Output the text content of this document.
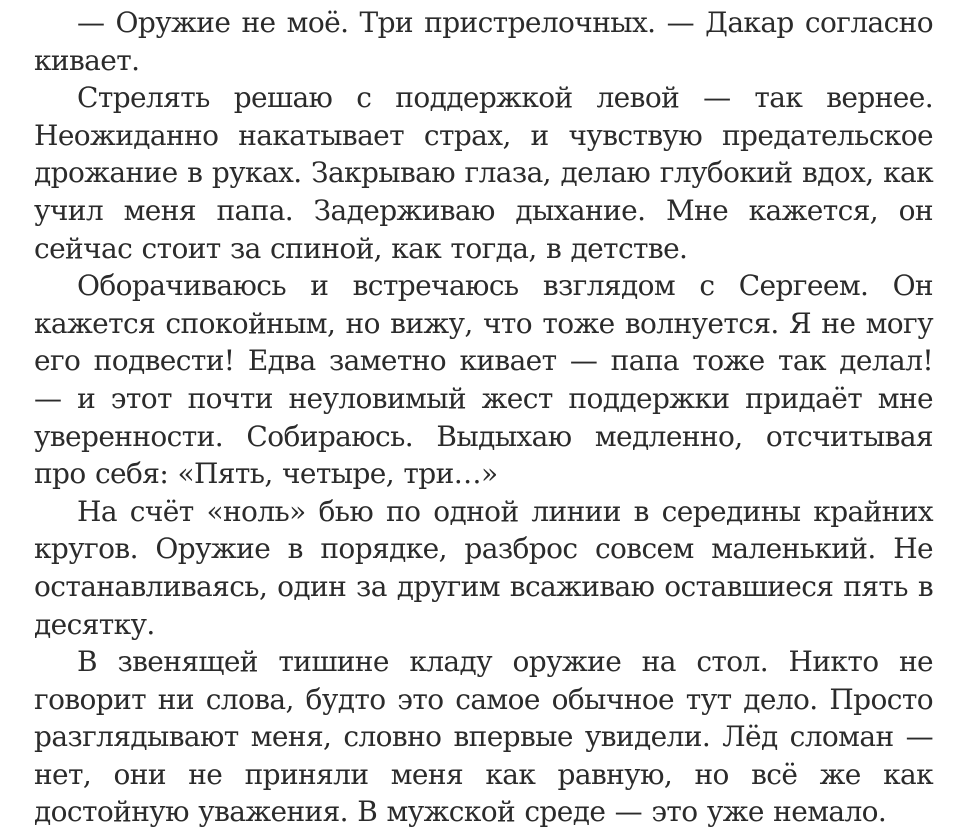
— Оружие не моё. Три пристрелочных. — Дакар согласно кивает.

Стрелять решаю с поддержкой левой — так вернее. Неожиданно накатывает страх, и чувствую предательское дрожание в руках. Закрываю глаза, делаю глубокий вдох, как учил меня папа. Задерживаю дыхание. Мне кажется, он сейчас стоит за спиной, как тогда, в детстве.

Оборачиваюсь и встречаюсь взглядом с Сергеем. Он кажется спокойным, но вижу, что тоже волнуется. Я не могу его подвести! Едва заметно кивает — папа тоже так делал! — и этот почти неуловимый жест поддержки придаёт мне уверенности. Собираюсь. Выдыхаю медленно, отсчитывая про себя: «Пять, четыре, три…»

На счёт «ноль» бью по одной линии в середины крайних кругов. Оружие в порядке, разброс совсем маленький. Не останавливаясь, один за другим всаживаю оставшиеся пять в десятку.

В звенящей тишине кладу оружие на стол. Никто не говорит ни слова, будто это самое обычное тут дело. Просто разглядывают меня, словно впервые увидели. Лёд сломан — нет, они не приняли меня как равную, но всё же как достойную уважения. В мужской среде — это уже немало.
